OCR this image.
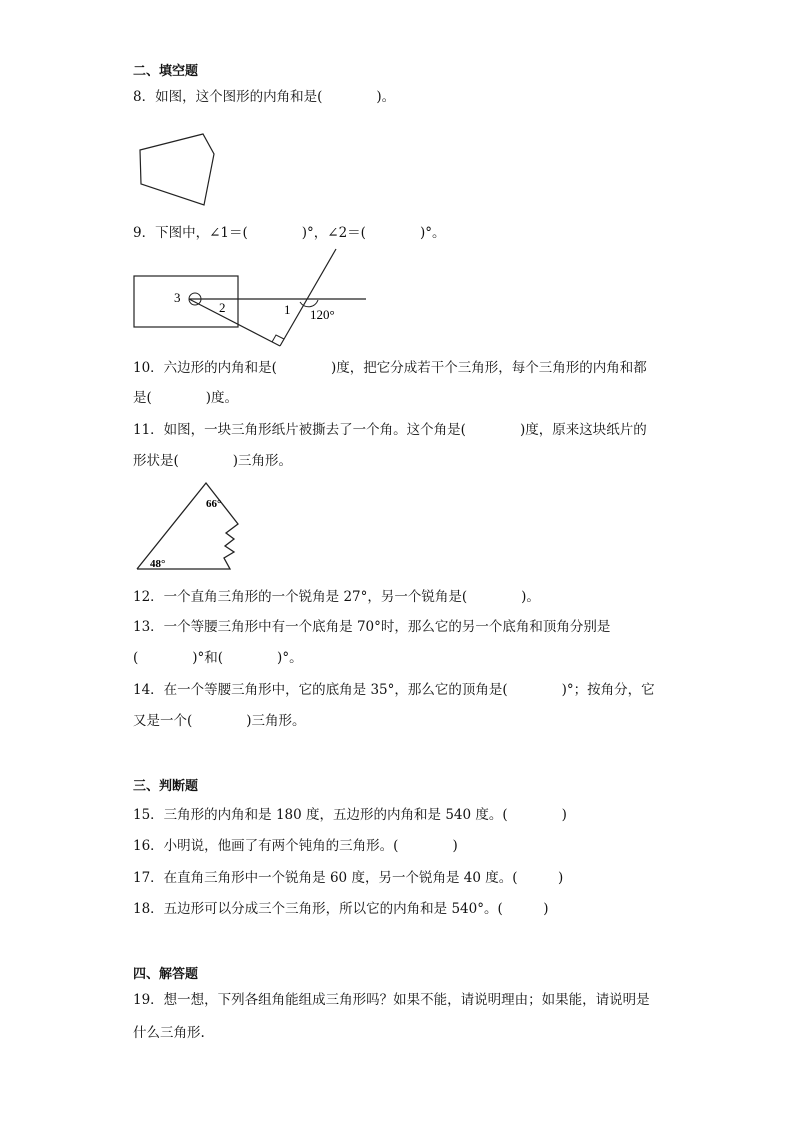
二、填空题
8．如图，这个图形的内角和是(　　　　)。
9．下图中，∠1＝(　　　　)°，∠2＝(　　　　)°。
3
2	1 120°
10．六边形的内角和是(　　　　)度，把它分成若干个三角形，每个三角形的内角和都
是(　　　　)度。
11．如图，一块三角形纸片被撕去了一个角。这个角是(　　　　)度，原来这块纸片的
形状是(　　　　)三角形。
66°
48°
12．一个直角三角形的一个锐角是 27°，另一个锐角是(　　　　)。
13．一个等腰三角形中有一个底角是 70°时，那么它的另一个底角和顶角分别是
(　　　　)°和(　　　　)°。
14．在一个等腰三角形中，它的底角是 35°，那么它的顶角是(　　　　)°；按角分，它
又是一个(　　　　)三角形。
三、判断题
15．三角形的内角和是 180 度，五边形的内角和是 540 度。(　　　　)
16．小明说，他画了有两个钝角的三角形。(　　　　)
17．在直角三角形中一个锐角是 60 度，另一个锐角是 40 度。(　　　)
18．五边形可以分成三个三角形，所以它的内角和是 540°。(　　　)
四、解答题
19．想一想，下列各组角能组成三角形吗？如果不能，请说明理由；如果能，请说明是
什么三角形.
